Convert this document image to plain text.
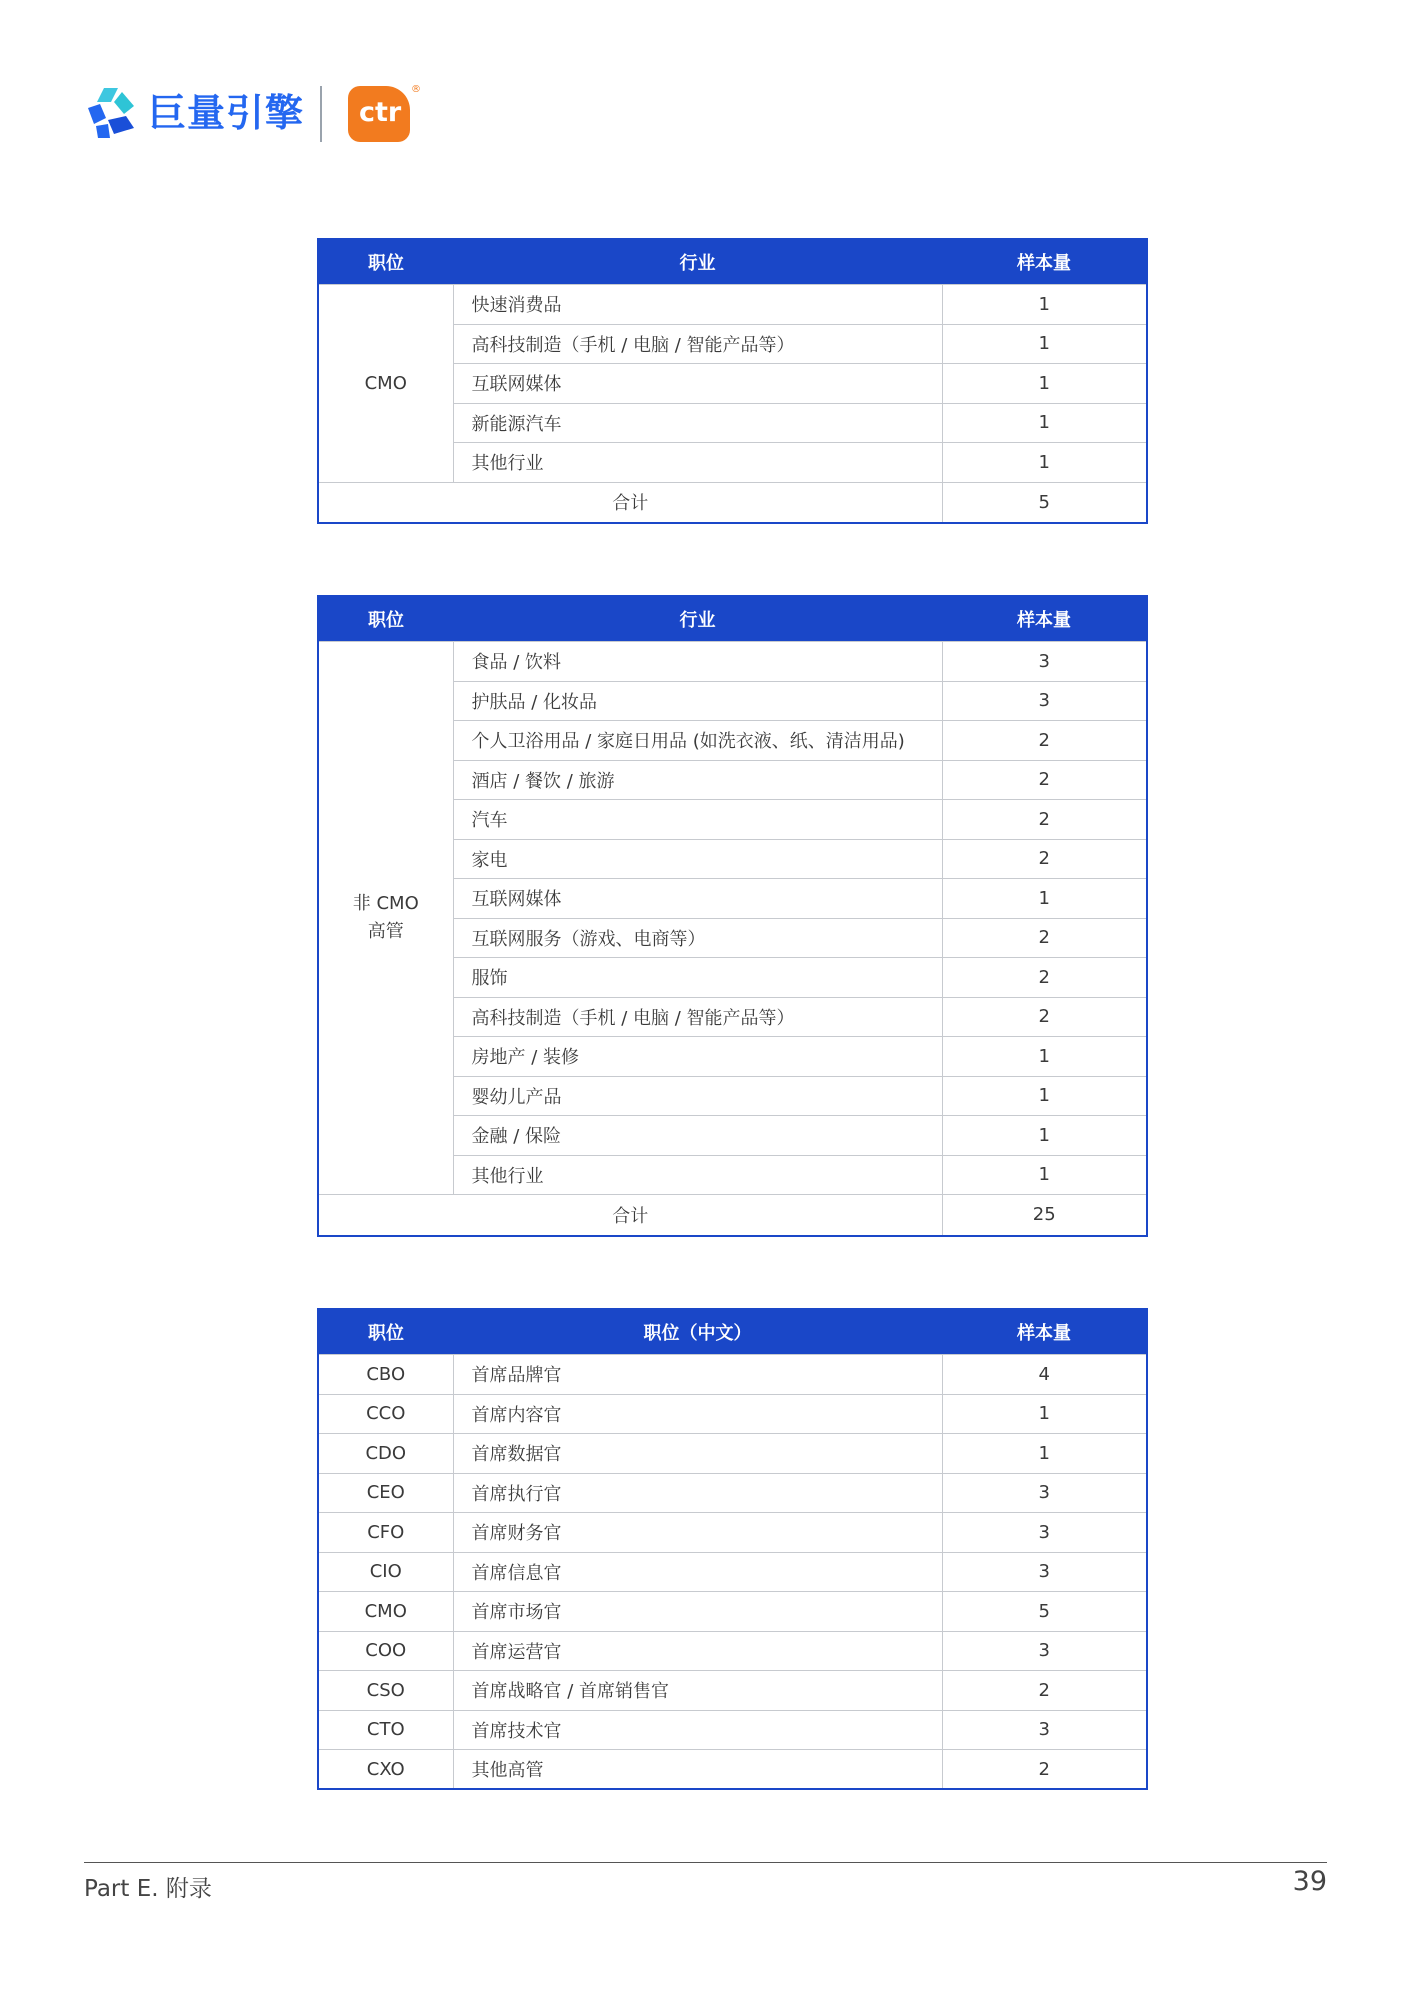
巨量引擎 ctr
®
职位	行业	样本量
CMO	快速消费品	1
	高科技制造（手机 / 电脑 / 智能产品等）	1
	互联网媒体	1
	新能源汽车	1
	其他行业	1
合计		5
职位	行业	样本量
非 CMO
高管	食品 / 饮料	3
	护肤品 / 化妆品	3
	个人卫浴用品 / 家庭日用品 (如洗衣液、纸、清洁用品)	2
	酒店 / 餐饮 / 旅游	2
	汽车	2
	家电	2
	互联网媒体	1
	互联网服务（游戏、电商等）	2
	服饰	2
	高科技制造（手机 / 电脑 / 智能产品等）	2
	房地产 / 装修	1
	婴幼儿产品	1
	金融 / 保险	1
	其他行业	1
合计		25
职位	职位（中文）	样本量
CBO	首席品牌官	4
CCO	首席内容官	1
CDO	首席数据官	1
CEO	首席执行官	3
CFO	首席财务官	3
CIO	首席信息官	3
CMO	首席市场官	5
COO	首席运营官	3
CSO	首席战略官 / 首席销售官	2
CTO	首席技术官	3
CXO	其他高管	2
Part E. 附录	39
